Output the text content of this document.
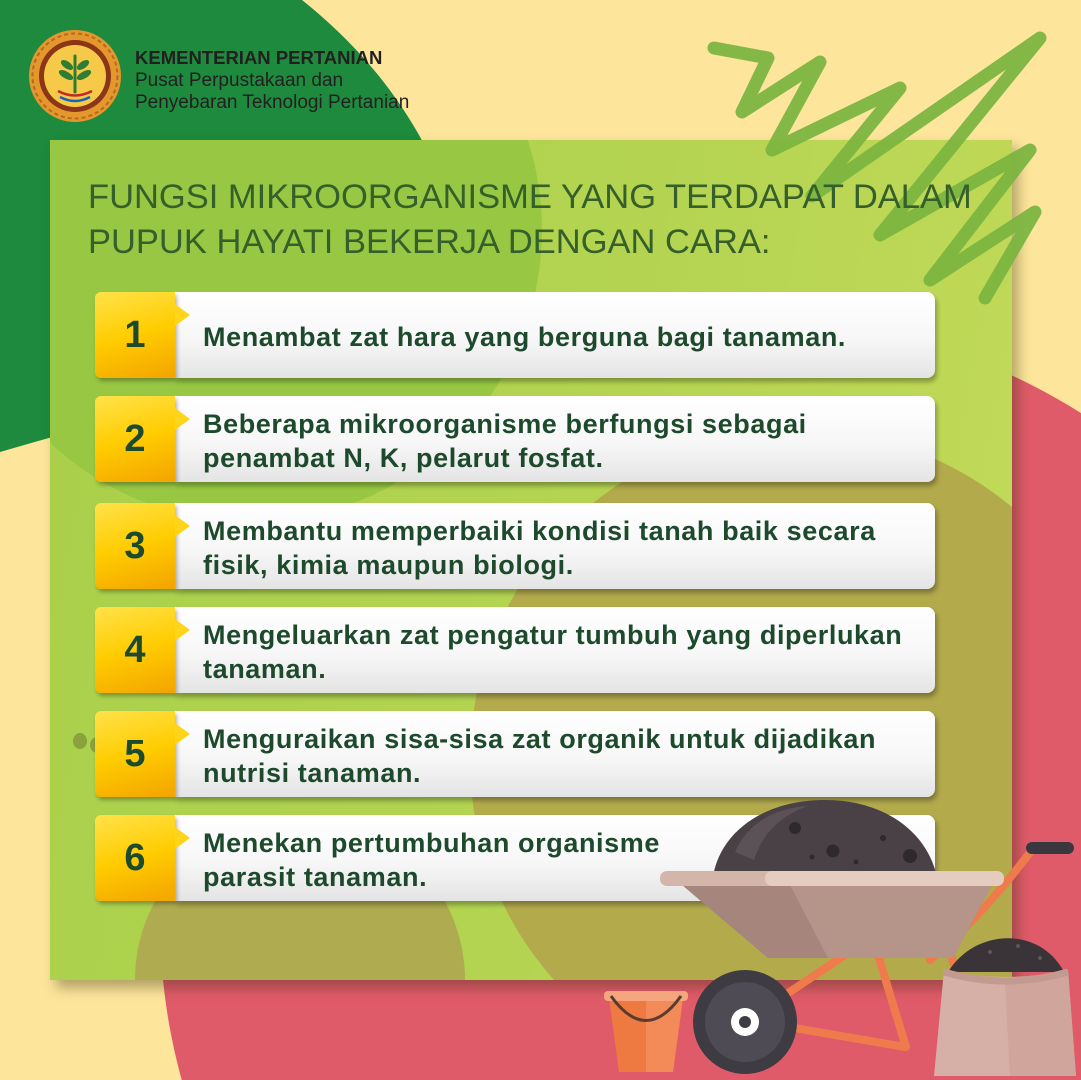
KEMENTERIAN PERTANIAN
Pusat Perpustakaan dan
Penyebaran Teknologi Pertanian
FUNGSI MIKROORGANISME YANG TERDAPAT DALAM
PUPUK HAYATI BEKERJA DENGAN CARA:
1	Menambat zat hara yang berguna bagi tanaman.
2	Beberapa mikroorganisme berfungsi sebagai
penambat N, K, pelarut fosfat.
3	Membantu memperbaiki kondisi tanah baik secara
fisik, kimia maupun biologi.
4	Mengeluarkan zat pengatur tumbuh yang diperlukan
tanaman.
5	Menguraikan sisa-sisa zat organik untuk dijadikan
nutrisi tanaman.
6	Menekan pertumbuhan organisme
parasit tanaman.
